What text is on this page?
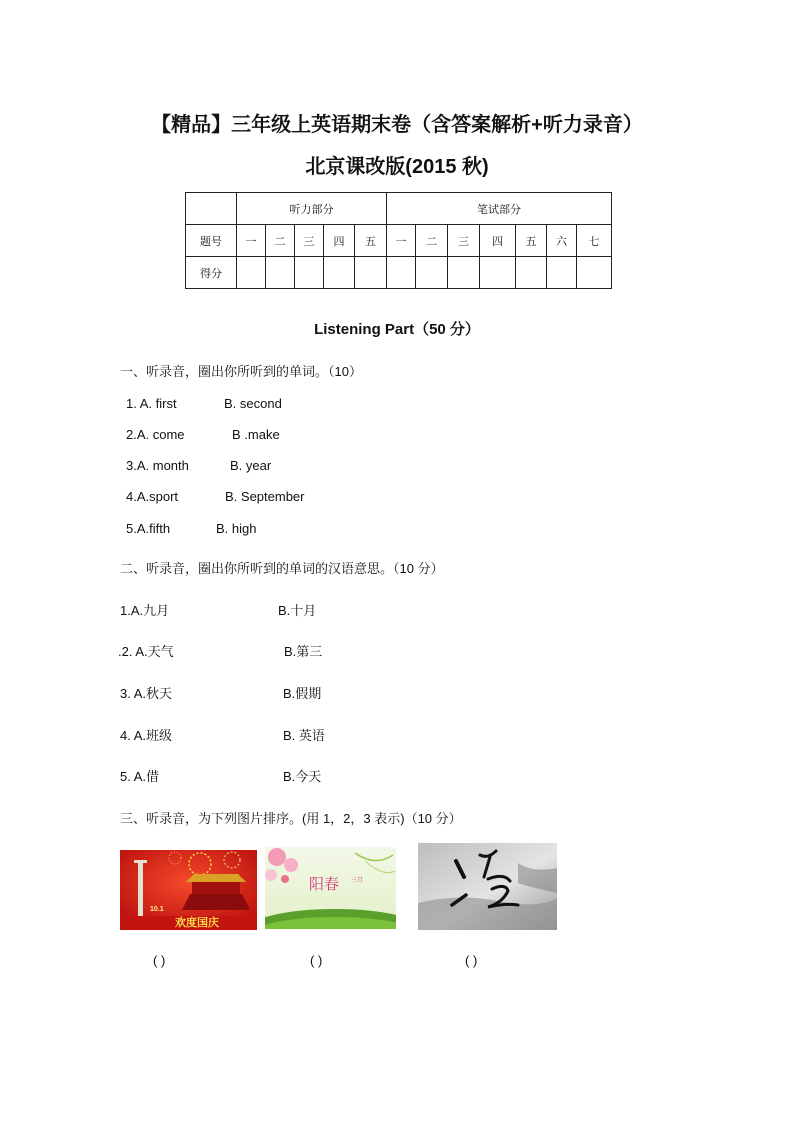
【精品】三年级上英语期末卷（含答案解析+听力录音）
北京课改版(2015 秋)
	听力部分					笔试部分						
题号	一	二	三	四	五	一	二	三	四	五	六	七
得分												
Listening Part（50 分）
一、听录音，圈出你所听到的单词。（10）
1. A. first	B. second
2.A. come	B .make
3.A. month	B. year
4.A.sport	B. September
5.A.fifth	B. high
二、听录音，圈出你所听到的单词的汉语意思。（10 分）
1.A.九月	B.十月
.2. A.天气	B.第三
3. A.秋天	B.假期
4. A.班级	B. 英语
5. A.借	B.今天
三、听录音，为下列图片排序。(用 1，2，3 表示)（10 分）
10.1
欢度国庆
阳春 三月
( )	( )	( )
